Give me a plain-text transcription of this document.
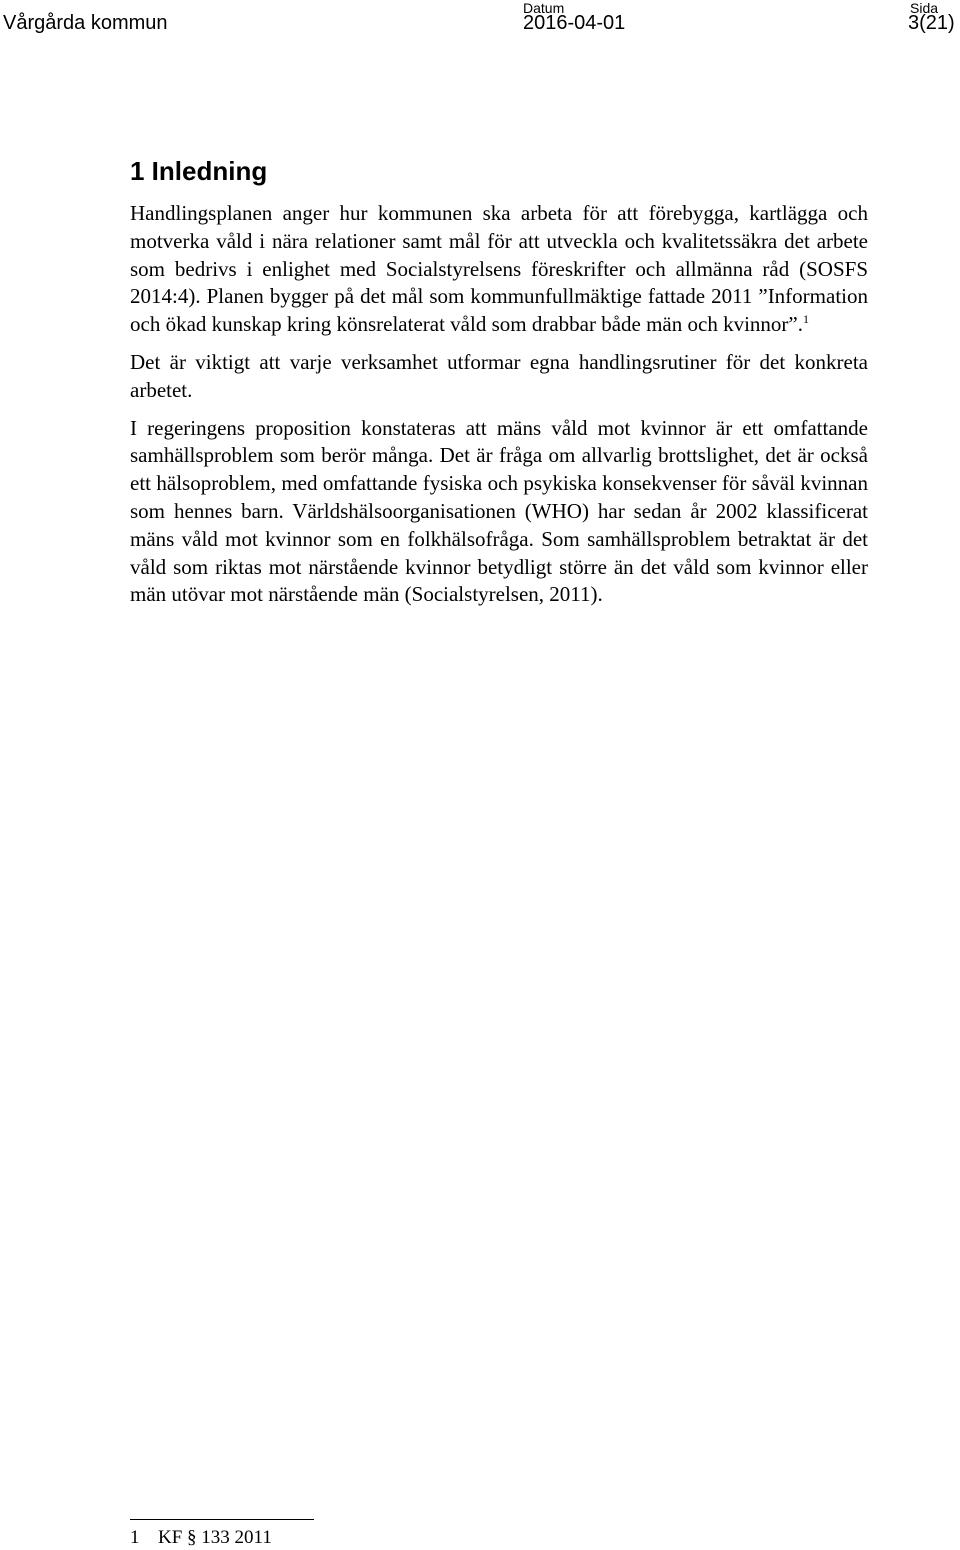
Vårgårda kommun
Datum
2016-04-01
Sida
3(21)
1 Inledning

Handlingsplanen anger hur kommunen ska arbeta för att förebygga, kartlägga och motverka våld i nära relationer samt mål för att utveckla och kvalitetssäkra det arbete som bedrivs i enlighet med Socialstyrelsens föreskrifter och allmänna råd (SOSFS 2014:4). Planen bygger på det mål som kommunfullmäktige fattade 2011 ”Information och ökad kunskap kring könsrelaterat våld som drabbar både män och kvinnor”.$^1$

Det är viktigt att varje verksamhet utformar egna handlingsrutiner för det konkreta arbetet.

I regeringens proposition konstateras att mäns våld mot kvinnor är ett omfattande samhällsproblem som berör många. Det är fråga om allvarlig brottslighet, det är också ett hälsoproblem, med omfattande fysiska och psykiska konsekvenser för såväl kvinnan som hennes barn. Världshälsoorganisationen (WHO) har sedan år 2002 klassificerat mäns våld mot kvinnor som en folkhälsofråga. Som samhällsproblem betraktat är det våld som riktas mot närstående kvinnor betydligt större än det våld som kvinnor eller män utövar mot närstående män (Socialstyrelsen, 2011).

1 KF § 133 2011
